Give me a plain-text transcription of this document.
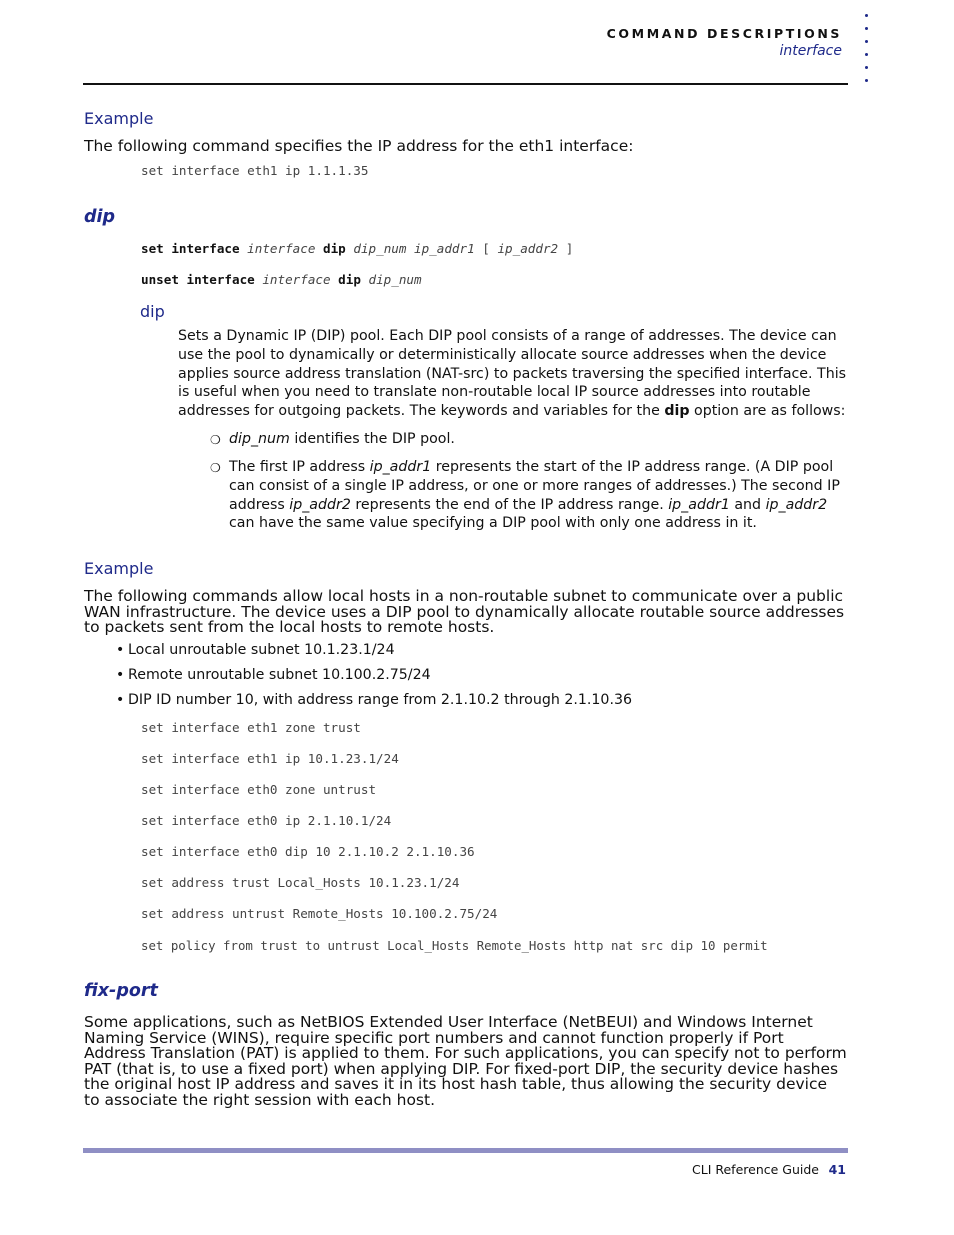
COMMAND DESCRIPTIONS
interface
Example
The following command specifies the IP address for the eth1 interface:
set interface eth1 ip 1.1.1.35
dip
set interface interface dip dip_num ip_addr1 [ ip_addr2 ]
unset interface interface dip dip_num
dip
Sets a Dynamic IP (DIP) pool. Each DIP pool consists of a range of addresses. The device can
use the pool to dynamically or deterministically allocate source addresses when the device
applies source address translation (NAT-src) to packets traversing the specified interface. This
is useful when you need to translate non-routable local IP source addresses into routable
addresses for outgoing packets. The keywords and variables for the dip option are as follows:
❍ dip_num identifies the DIP pool.
❍ The first IP address ip_addr1 represents the start of the IP address range. (A DIP pool
can consist of a single IP address, or one or more ranges of addresses.) The second IP
address ip_addr2 represents the end of the IP address range. ip_addr1 and ip_addr2
can have the same value specifying a DIP pool with only one address in it.
Example
The following commands allow local hosts in a non-routable subnet to communicate over a public
WAN infrastructure. The device uses a DIP pool to dynamically allocate routable source addresses
to packets sent from the local hosts to remote hosts.
• Local unroutable subnet 10.1.23.1/24
• Remote unroutable subnet 10.100.2.75/24
• DIP ID number 10, with address range from 2.1.10.2 through 2.1.10.36
set interface eth1 zone trust
set interface eth1 ip 10.1.23.1/24
set interface eth0 zone untrust
set interface eth0 ip 2.1.10.1/24
set interface eth0 dip 10 2.1.10.2 2.1.10.36
set address trust Local_Hosts 10.1.23.1/24
set address untrust Remote_Hosts 10.100.2.75/24
set policy from trust to untrust Local_Hosts Remote_Hosts http nat src dip 10 permit
fix-port
Some applications, such as NetBIOS Extended User Interface (NetBEUI) and Windows Internet
Naming Service (WINS), require specific port numbers and cannot function properly if Port
Address Translation (PAT) is applied to them. For such applications, you can specify not to perform
PAT (that is, to use a fixed port) when applying DIP. For fixed-port DIP, the security device hashes
the original host IP address and saves it in its host hash table, thus allowing the security device
to associate the right session with each host.
CLI Reference Guide 41
